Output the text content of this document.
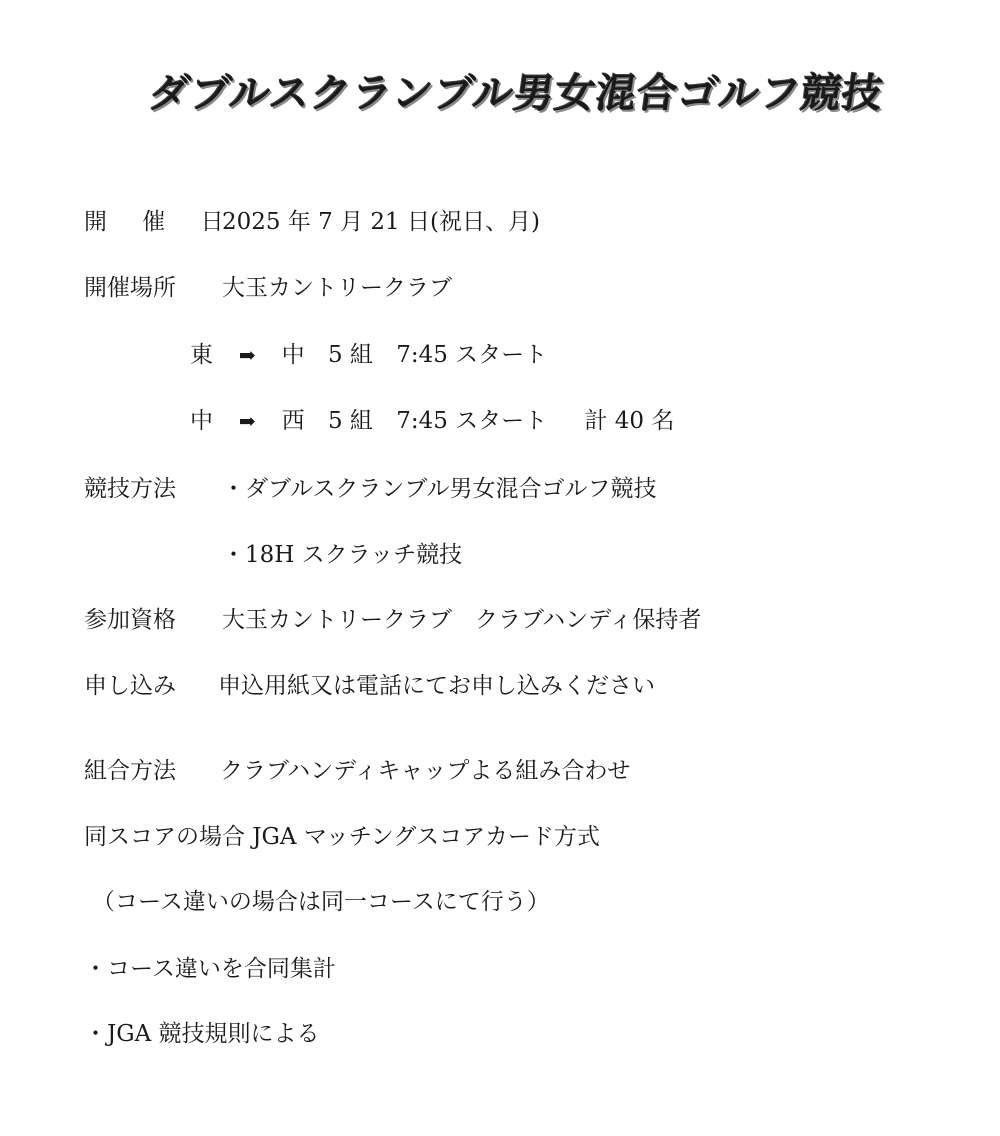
ダブルスクランブル男女混合ゴルフ競技
開 催 日
2025 年 7 月 21 日(祝日、月)
開催場所 大玉カントリークラブ
東 ➡ 中 5 組 7:45 スタート
中 ➡ 西 5 組 7:45 スタート 計 40 名
競技方法 ・ダブルスクランブル男女混合ゴルフ競技
・18H スクラッチ競技
参加資格 大玉カントリークラブ　クラブハンディ保持者
申し込み 申込用紙又は電話にてお申し込みください
組合方法 クラブハンディキャップよる組み合わせ
同スコアの場合 JGA マッチングスコアカード方式
（コース違いの場合は同一コースにて行う）
・コース違いを合同集計
・JGA 競技規則による
